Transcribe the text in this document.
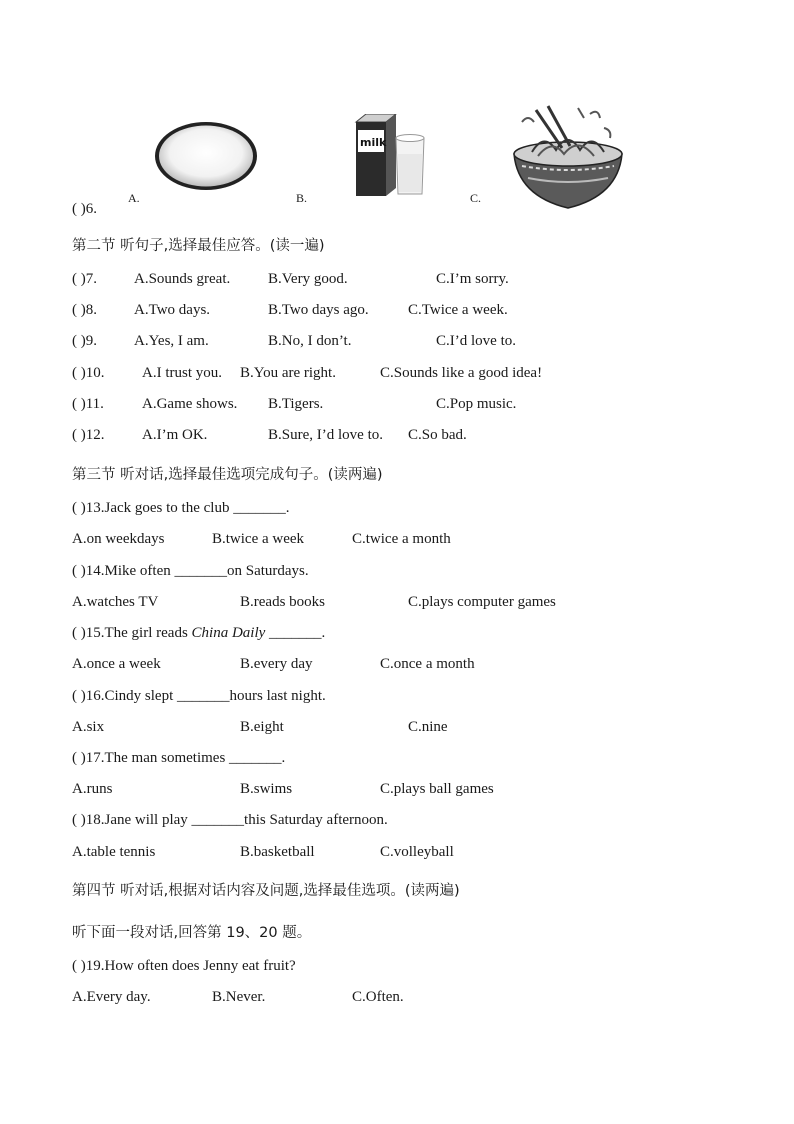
A.
milk
B.	C.
( )6.
第二节 听句子,选择最佳应答。(读一遍)
( )7. A.Sounds great.	B.Very good.	C.I’m sorry.
( )8. A.Two days.	B.Two days ago.	C.Twice a week.
( )9. A.Yes, I am.	B.No, I don’t.	C.I’d love to.
( )10.	A.I trust you. B.You are right.	C.Sounds like a good idea!
( )11.	A.Game shows. B.Tigers.	C.Pop music.
( )12.	A.I’m OK.	B.Sure, I’d love to. C.So bad.
第三节 听对话,选择最佳选项完成句子。(读两遍)
( )13.Jack goes to the club _______.
A.on weekdays	B.twice a week	C.twice a month
( )14.Mike often _______on Saturdays.
A.watches TV	B.reads books	C.plays computer games
( )15.The girl reads China Daily _______.
A.once a week	B.every day	C.once a month
( )16.Cindy slept _______hours last night.
A.six	B.eight	C.nine
( )17.The man sometimes _______.
A.runs	B.swims	C.plays ball games
( )18.Jane will play _______this Saturday afternoon.
A.table tennis	B.basketball	C.volleyball
第四节 听对话,根据对话内容及问题,选择最佳选项。(读两遍)
听下面一段对话,回答第 19、20 题。
( )19.How often does Jenny eat fruit?
A.Every day.	B.Never.	C.Often.
